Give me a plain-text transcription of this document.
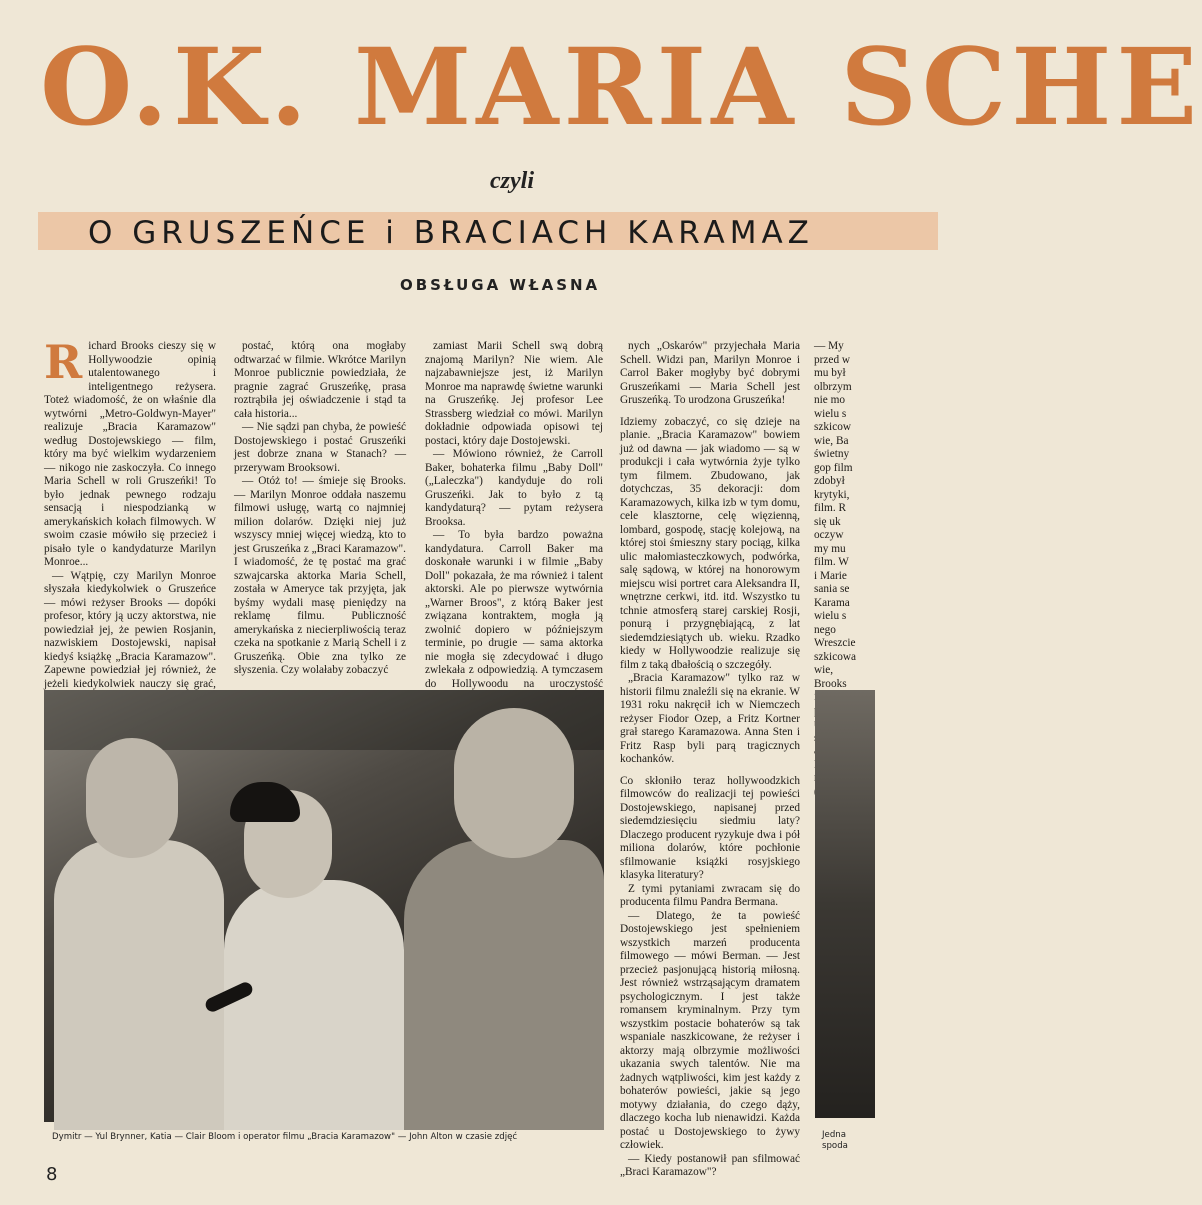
O.K. MARIA SCHE
czyli
O GRUSZEŃCE i BRACIACH KARAMAZ
OBSŁUGA WŁASNA
R ichard Brooks cieszy się w Hollywoodzie opinią utalentowanego i inteligentnego reżysera. Toteż wiadomość, że on właśnie dla wytwórni „Metro-Goldwyn-Mayer" realizuje „Bracia Karamazow" według Dostojewskiego — film, który ma być wielkim wydarzeniem — nikogo nie zaskoczyła. Co innego Maria Schell w roli Gruszeńki! To było jednak pewnego rodzaju sensacją i niespodzianką w amerykańskich kołach filmowych. W swoim czasie mówiło się przecież i pisało tyle o kandydaturze Marilyn Monroe...

— Wątpię, czy Marilyn Monroe słyszała kiedykolwiek o Gruszeńce — mówi reżyser Brooks — dopóki profesor, który ją uczy aktorstwa, nie powiedział jej, że pewien Rosjanin, nazwiskiem Dostojewski, napisał kiedyś książkę „Bracia Karamazow". Zapewne powiedział jej również, że jeżeli kiedykolwiek nauczy się grać,

postać, którą ona mogłaby odtwarzać w filmie. Wkrótce Marilyn Monroe publicznie powiedziała, że pragnie zagrać Gruszeńkę, prasa roztrąbiła jej oświadczenie i stąd ta cała historia...

— Nie sądzi pan chyba, że powieść Dostojewskiego i postać Gruszeńki jest dobrze znana w Stanach? — przerywam Brooksowi.

— Otóż to! — śmieje się Brooks. — Marilyn Monroe oddała naszemu filmowi usługę, wartą co najmniej milion dolarów. Dzięki niej już wszyscy mniej więcej wiedzą, kto to jest Gruszeńka z „Braci Karamazow". I wiadomość, że tę postać ma grać szwajcarska aktorka Maria Schell, została w Ameryce tak przyjęta, jak byśmy wydali masę pieniędzy na reklamę filmu. Publiczność amerykańska z niecierpliwością teraz czeka na spotkanie z Marią Schell i z Gruszeńką. Obie zna tylko ze słyszenia. Czy wolałaby zobaczyć

zamiast Marii Schell swą dobrą znajomą Marilyn? Nie wiem. Ale najzabawniejsze jest, iż Marilyn Monroe ma naprawdę świetne warunki na Gruszeńkę. Jej profesor Lee Strassberg wiedział co mówi. Marilyn dokładnie odpowiada opisowi tej postaci, który daje Dostojewski.

— Mówiono również, że Carroll Baker, bohaterka filmu „Baby Doll" („Laleczka") kandyduje do roli Gruszeńki. Jak to było z tą kandydaturą? — pytam reżysera Brooksa.

— To była bardzo poważna kandydatura. Carroll Baker ma doskonałe warunki i w filmie „Baby Doll" pokazała, że ma również i talent aktorski. Ale po pierwsze wytwórnia „Warner Broos", z którą Baker jest związana kontraktem, mogła ją zwolnić dopiero w późniejszym terminie, po drugie — sama aktorka nie mogła się zdecydować i długo zwlekała z odpowiedzią. A tymczasem do Hollywoodu na uroczystość

nych „Oskarów" przyjechała Maria Schell. Widzi pan, Marilyn Monroe i Carrol Baker mogłyby być dobrymi Gruszeńkami — Maria Schell jest Gruszeńką. To urodzona Gruszeńka!

Idziemy zobaczyć, co się dzieje na planie. „Bracia Karamazow" bowiem już od dawna — jak wiadomo — są w produkcji i cała wytwórnia żyje tylko tym filmem. Zbudowano, jak dotychczas, 35 dekoracji: dom Karamazowych, kilka izb w tym domu, cele klasztorne, celę więzienną, lombard, gospodę, stację kolejową, na której stoi śmieszny stary pociąg, kilka ulic małomiasteczkowych, podwórka, salę sądową, w której na honorowym miejscu wisi portret cara Aleksandra II, wnętrzne cerkwi, itd. itd. Wszystko tu tchnie atmosferą starej carskiej Rosji, ponurą i przygnębiającą, z lat siedemdziesiątych ub. wieku. Rzadko kiedy w Hollywoodzie realizuje się film z taką dbałością o szczegóły.

„Bracia Karamazow" tylko raz w historii filmu znaleźli się na ekranie. W 1931 roku nakręcił ich w Niemczech reżyser Fiodor Ozep, a Fritz Kortner grał starego Karamazowa. Anna Sten i Fritz Rasp byli parą tragicznych kochanków.

Co skłoniło teraz hollywoodzkich filmowców do realizacji tej powieści Dostojewskiego, napisanej przed siedemdziesięciu siedmiu laty? Dlaczego producent ryzykuje dwa i pół miliona dolarów, które pochłonie sfilmowanie książki rosyjskiego klasyka literatury?

Z tymi pytaniami zwracam się do producenta filmu Pandra Bermana.

— Dlatego, że ta powieść Dostojewskiego jest spełnieniem wszystkich marzeń producenta filmowego — mówi Berman. — Jest przecież pasjonującą historią miłosną. Jest również wstrząsającym dramatem psychologicznym. I jest także romansem kryminalnym. Przy tym wszystkim postacie bohaterów są tak wspaniale naszkicowane, że reżyser i aktorzy mają olbrzymie możliwości ukazania swych talentów. Nie ma żadnych wątpliwości, kim jest każdy z bohaterów powieści, jakie są jego motywy działania, do czego dąży, dlaczego kocha lub nienawidzi. Każda postać u Dostojewskiego to żywy człowiek.

— Kiedy postanowił pan sfilmować „Braci Karamazow"?

— My przed w mu był olbrzym nie mo wielu s szkicow wie, Ba świetny gop film zdobył krytyki, film. R się uk oczyw my mu film. W i Marie sania se Karama wielu s nego Wreszcie szkicowa wie, Brooks

Dymitr — Yul Brynner, Katia — Clair Bloom i operator filmu „Bracia Karamazow" — John Alton w czasie zdjęć	Jedna spoda
8
